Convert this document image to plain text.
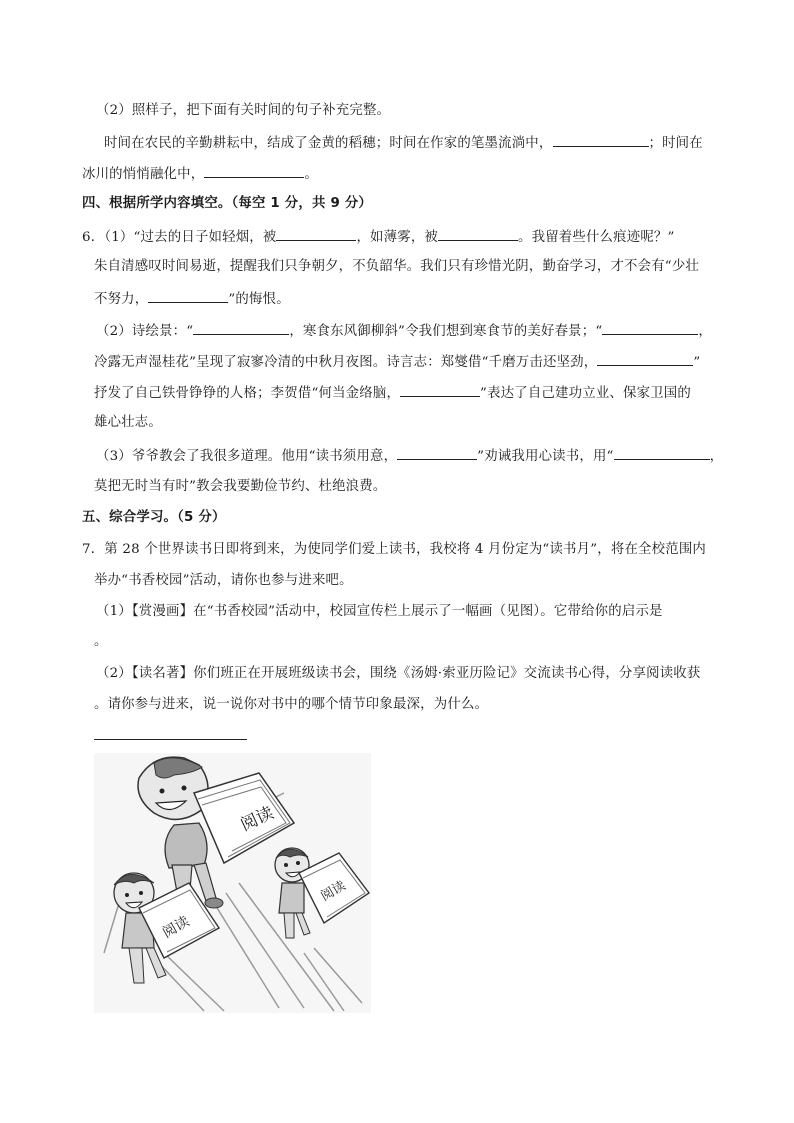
（2）照样子，把下面有关时间的句子补充完整。
时间在农民的辛勤耕耘中，结成了金黄的稻穗；时间在作家的笔墨流淌中，	；时间在
冰川的悄悄融化中，	。
四、根据所学内容填空。（每空 1 分，共 9 分）
6．（1）“过去的日子如轻烟，被	，如薄雾，被	。我留着些什么痕迹呢？”
朱自清感叹时间易逝，提醒我们只争朝夕，不负韶华。我们只有珍惜光阴，勤奋学习，才不会有“少壮
不努力，	”的悔恨。
（2）诗绘景：“	，寒食东风御柳斜”令我们想到寒食节的美好春景；“	，
冷露无声湿桂花”呈现了寂寥冷清的中秋月夜图。诗言志：郑燮借“千磨万击还坚劲，	”
抒发了自己铁骨铮铮的人格；李贺借“何当金络脑，	”表达了自己建功立业、保家卫国的
雄心壮志。
（3）爷爷教会了我很多道理。他用“读书须用意，	”劝诫我用心读书，用“	，
莫把无时当有时”教会我要勤俭节约、杜绝浪费。
五、综合学习。（5 分）
7．第 28 个世界读书日即将到来，为使同学们爱上读书，我校将 4 月份定为“读书月”，将在全校范围内
举办“书香校园”活动，请你也参与进来吧。
（1）【赏漫画】在“书香校园”活动中，校园宣传栏上展示了一幅画（见图）。它带给你的启示是
。
（2）【读名著】你们班正在开展班级读书会，围绕《汤姆·索亚历险记》交流读书心得，分享阅读收获
。请你参与进来，说一说你对书中的哪个情节印象最深，为什么。
阅读
阅读
阅读
